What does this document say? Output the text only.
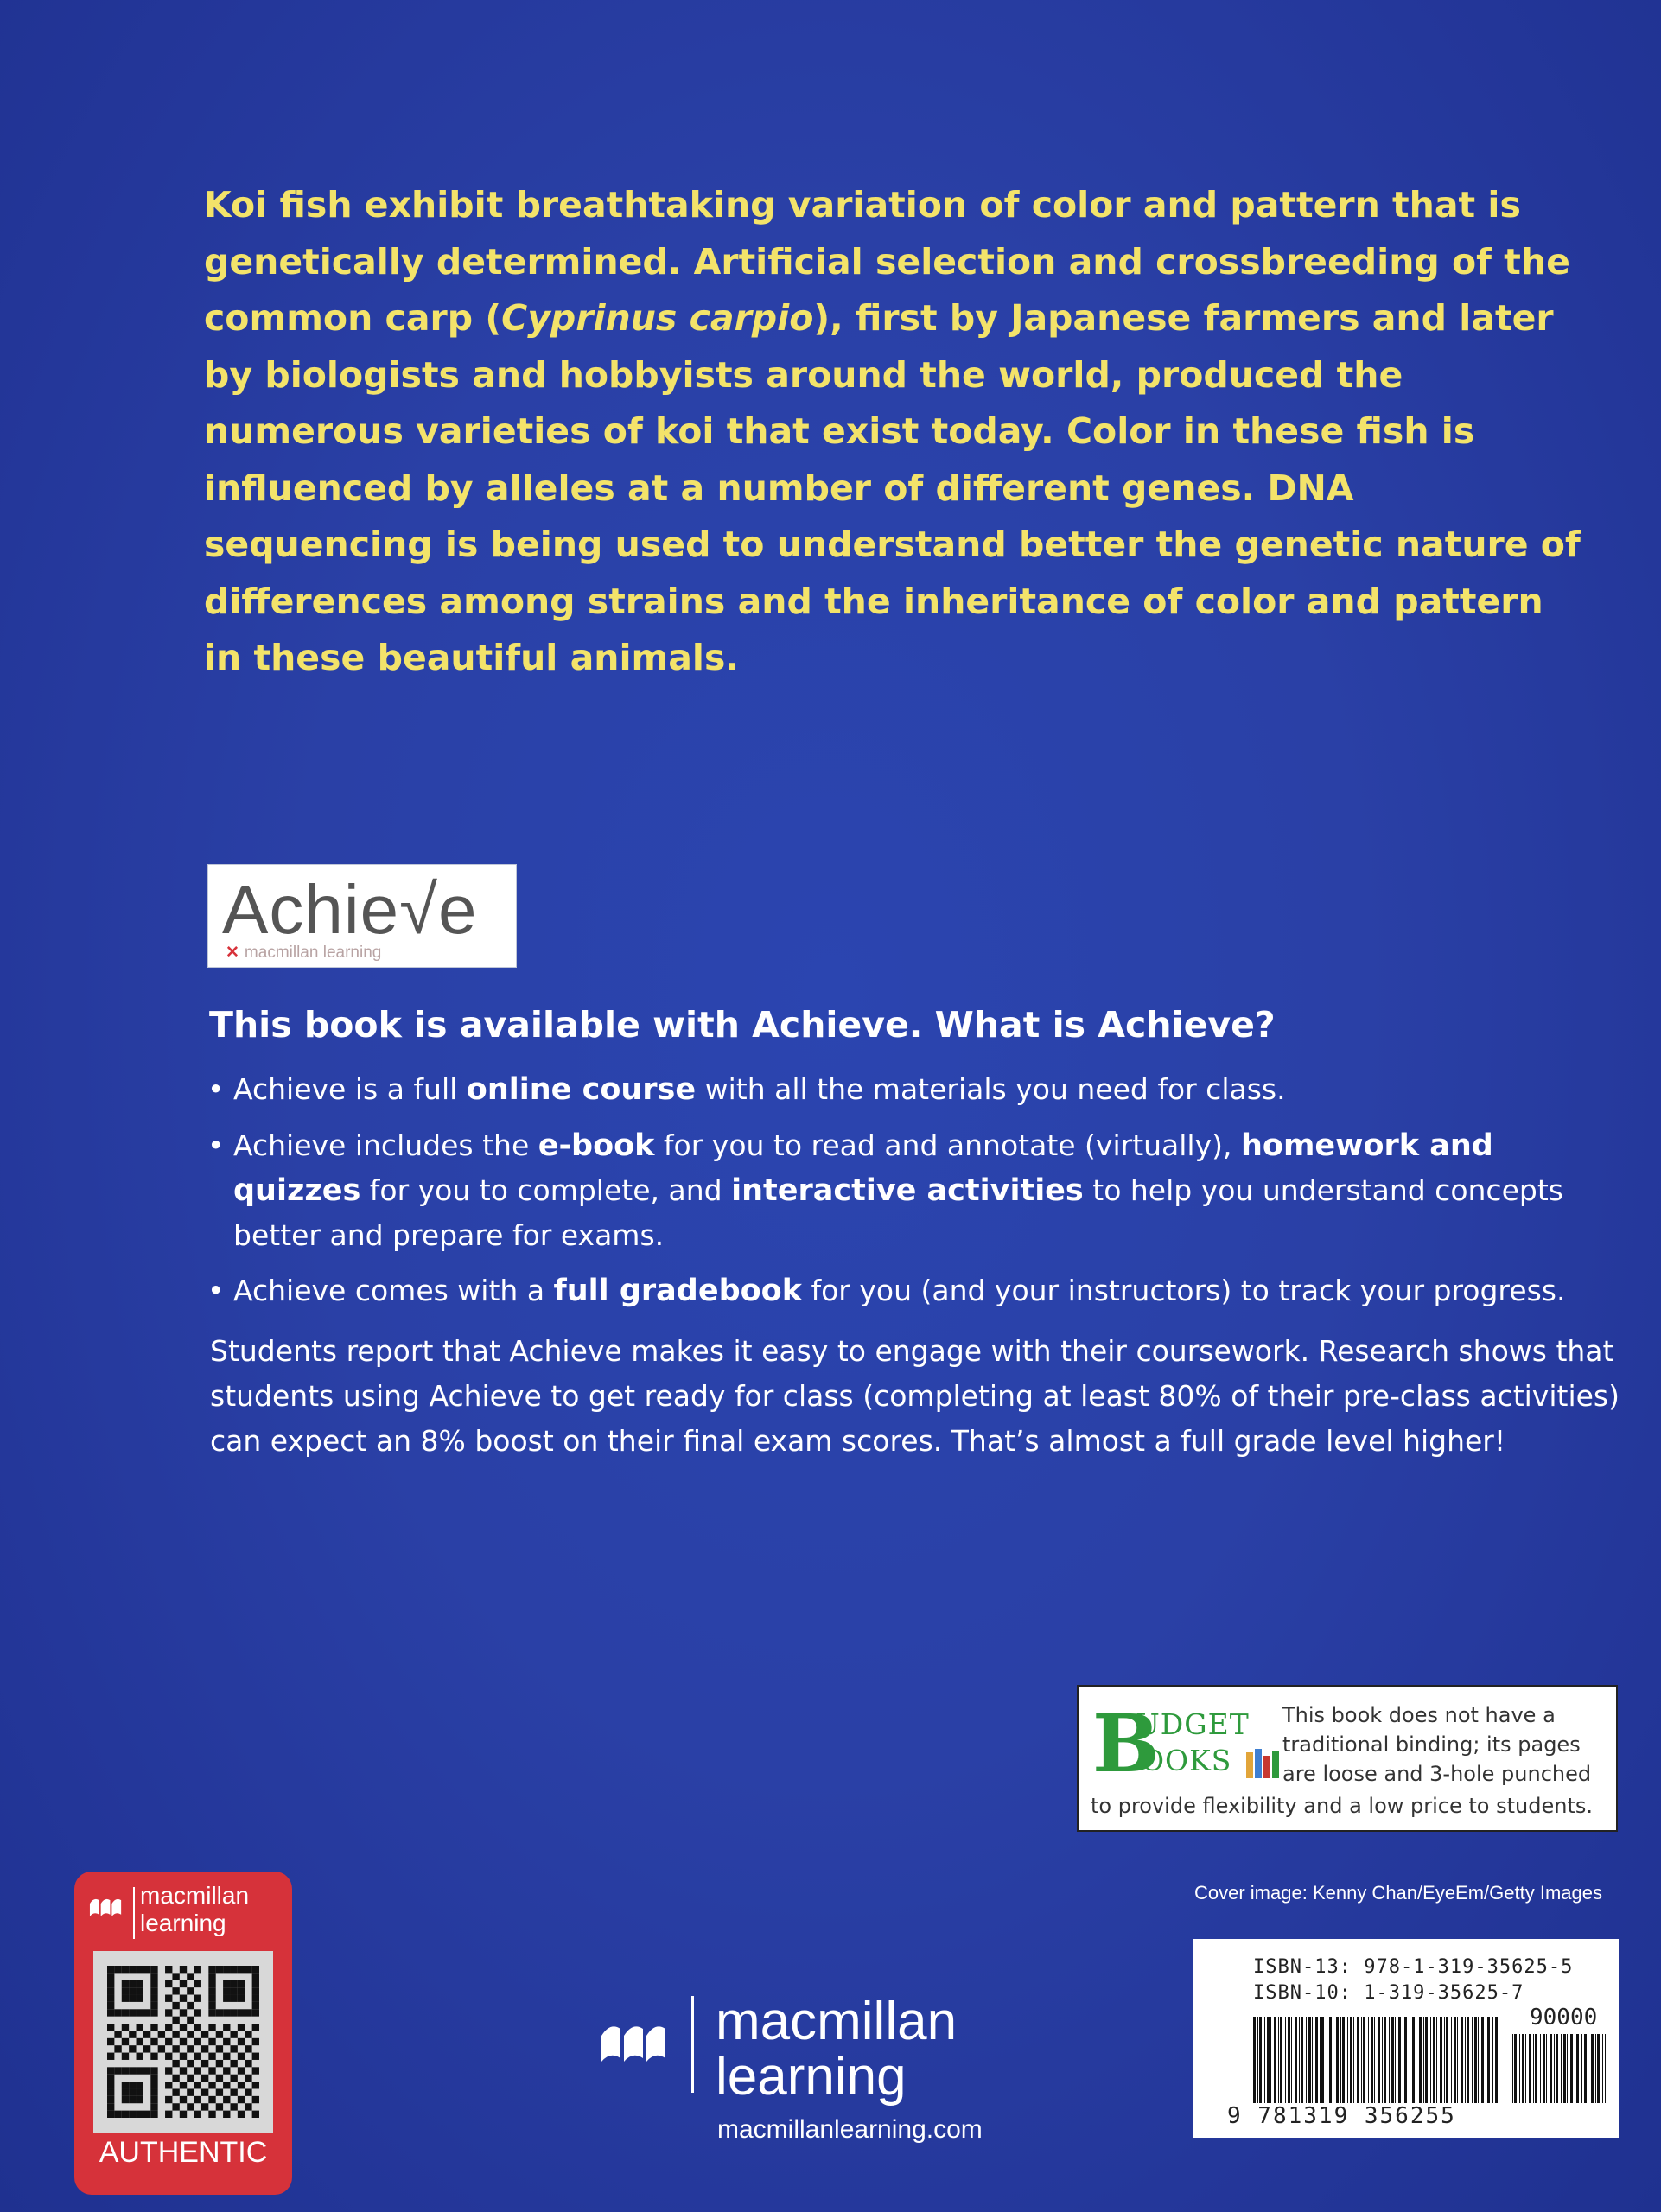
Koi fish exhibit breathtaking variation of color and pattern that is genetically determined. Artificial selection and crossbreeding of the common carp (Cyprinus carpio), first by Japanese farmers and later by biologists and hobbyists around the world, produced the numerous varieties of koi that exist today. Color in these fish is influenced by alleles at a number of different genes. DNA sequencing is being used to understand better the genetic nature of differences among strains and the inheritance of color and pattern in these beautiful animals.
Achie√e
✕ macmillan learning
This book is available with Achieve. What is Achieve?
• Achieve is a full online course with all the materials you need for class.
• Achieve includes the e-book for you to read and annotate (virtually), homework and quizzes for you to complete, and interactive activities to help you understand concepts better and prepare for exams.
• Achieve comes with a full gradebook for you (and your instructors) to track your progress.
Students report that Achieve makes it easy to engage with their coursework. Research shows that students using Achieve to get ready for class (completing at least 80% of their pre-class activities) can expect an 8% boost on their final exam scores. That’s almost a full grade level higher!
B
UDGET
OOKS
This book does not have a traditional binding; its pages are loose and 3-hole punched
to provide flexibility and a low price to students.
Cover image: Kenny Chan/EyeEm/Getty Images
ISBN-13: 978-1-319-35625-5
ISBN-10: 1-319-35625-7
90000
9 781319 356255
macmillan
learning
macmillanlearning.com
macmillan
learning
AUTHENTIC
